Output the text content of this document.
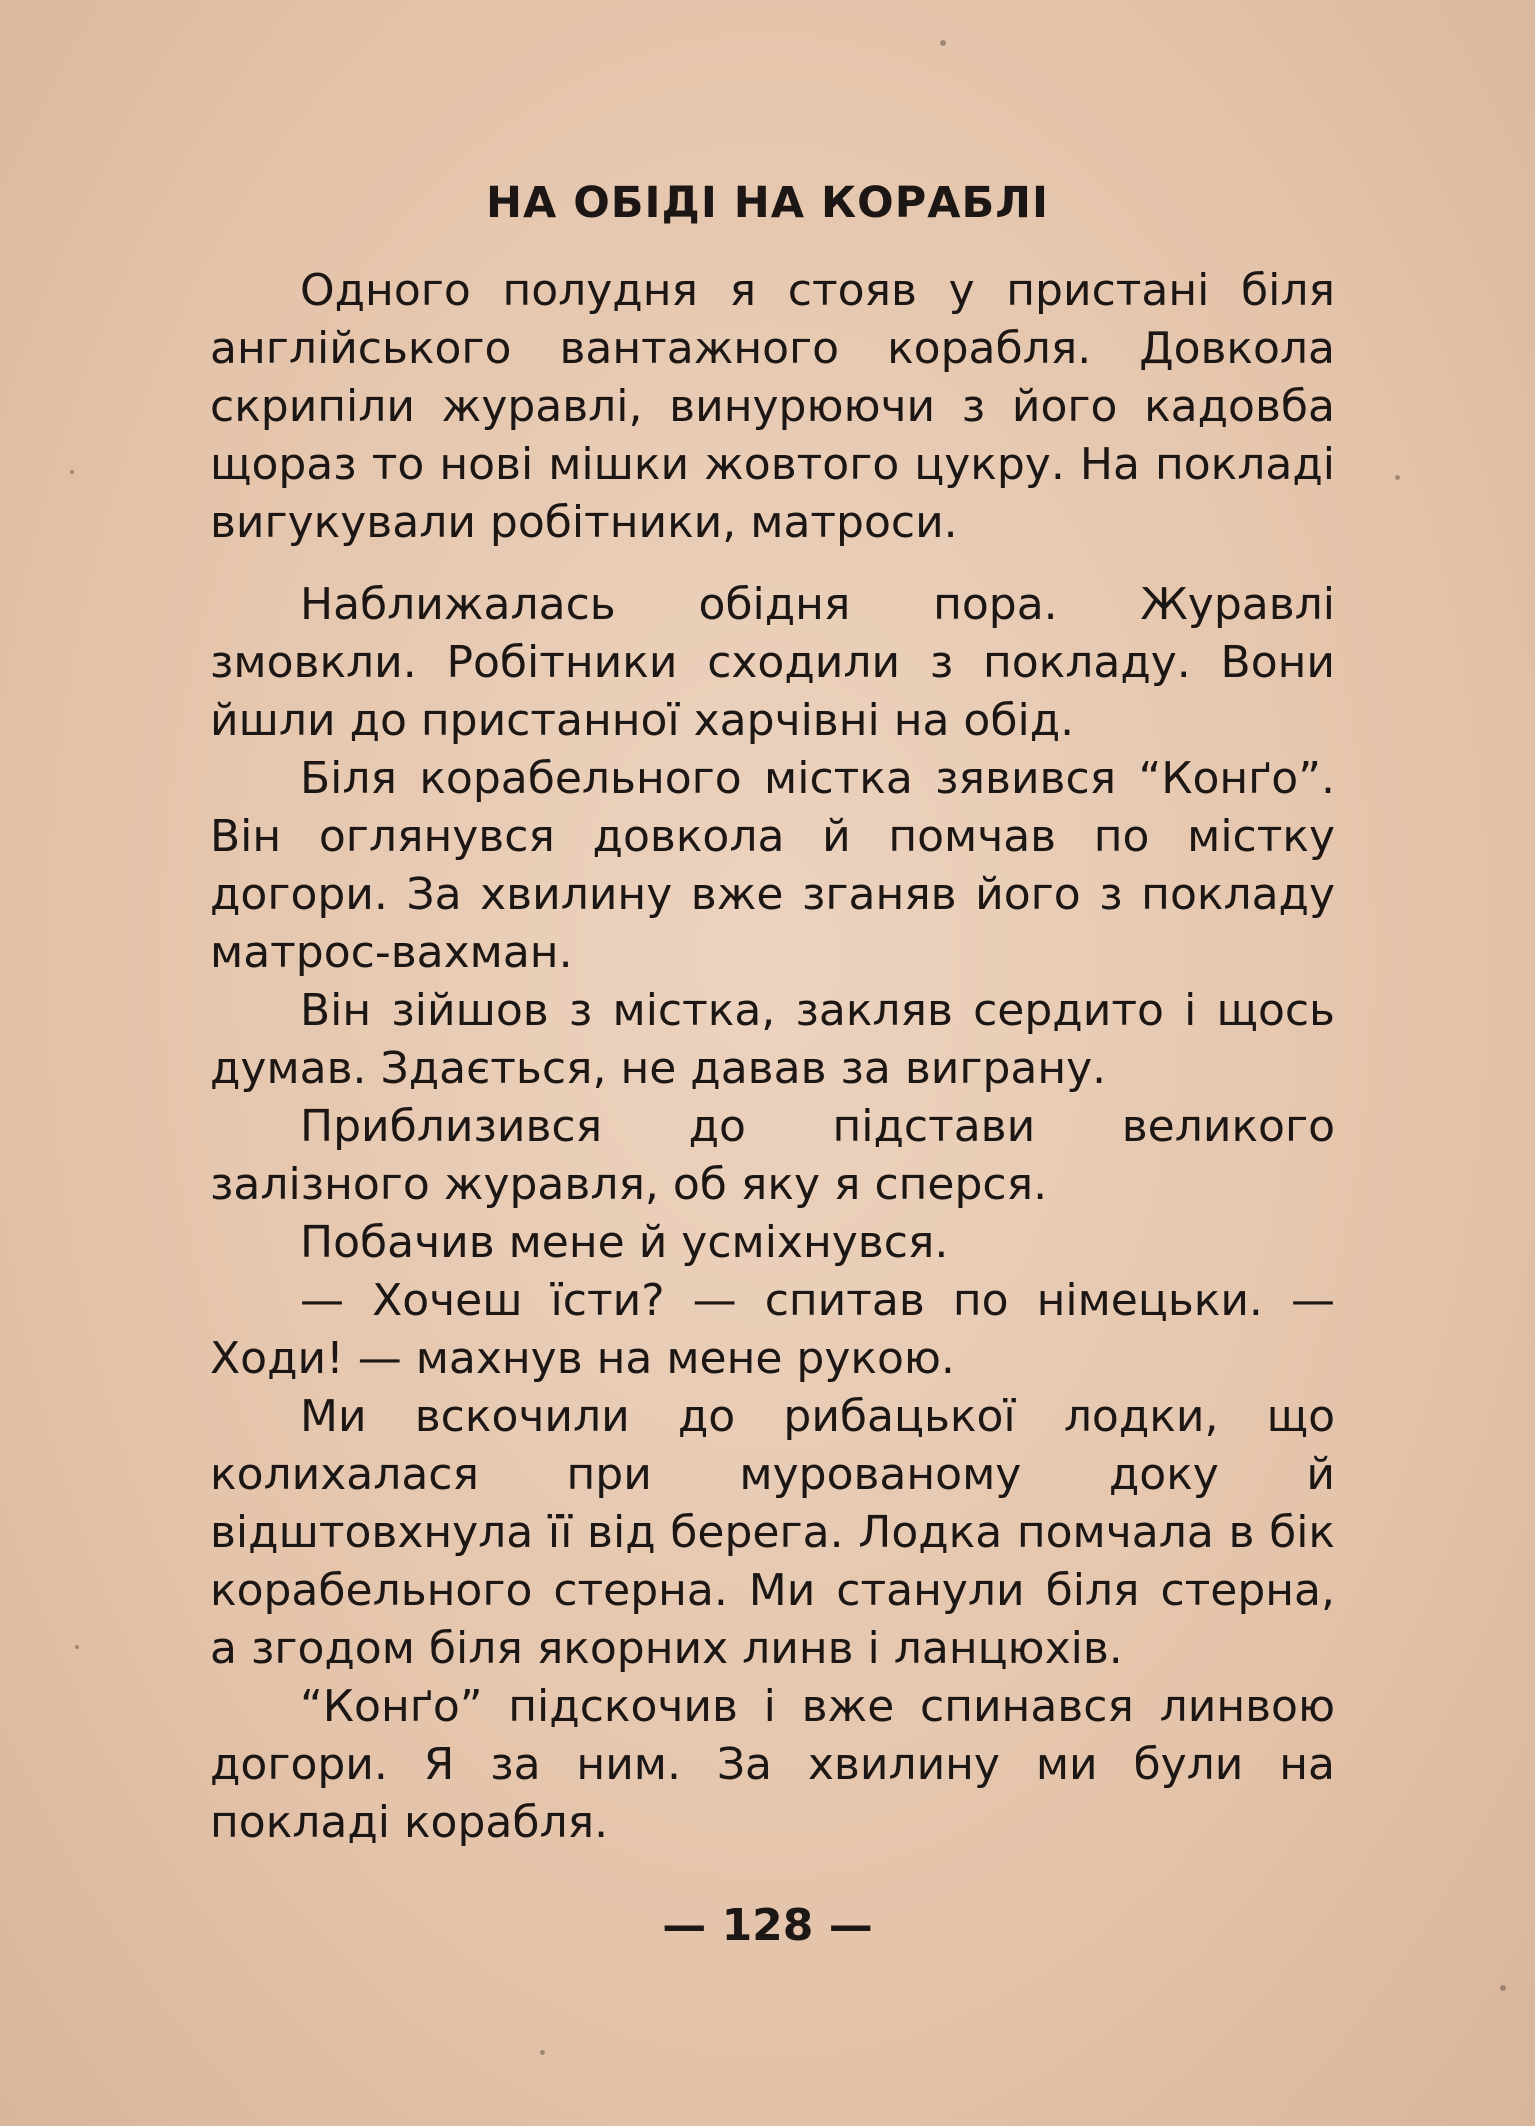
НА ОБІДІ НА КОРАБЛІ

Одного полудня я стояв у пристані біля англійського вантажного корабля. Довкола скрипіли журавлі, винурюючи з його кадовба щораз то нові мішки жовтого цукру. На покладі вигукували робітники, матроси.

Наближалась обідня пора. Журавлі змовкли. Робітники сходили з покладу. Вони йшли до пристанної харчівні на обід.

Біля корабельного містка зявився “Конґо”. Він оглянувся довкола й помчав по містку догори. За хвилину вже зганяв його з покладу матрос-вахман.

Він зійшов з містка, закляв сердито і щось думав. Здається, не давав за виграну.

Приблизився до підстави великого залізного журавля, об яку я сперся.

Побачив мене й усміхнувся.

— Хочеш їсти? — спитав по німецьки. — Ходи! — махнув на мене рукою.

Ми вскочили до рибацької лодки, що колихалася при мурованому доку й відштовхнула її від берега. Лодка помчала в бік корабельного стерна. Ми станули біля стерна, а згодом біля якорних линв і ланцюхів.

“Конґо” підскочив і вже спинався линвою догори. Я за ним. За хвилину ми були на покладі корабля.

— 128 —
